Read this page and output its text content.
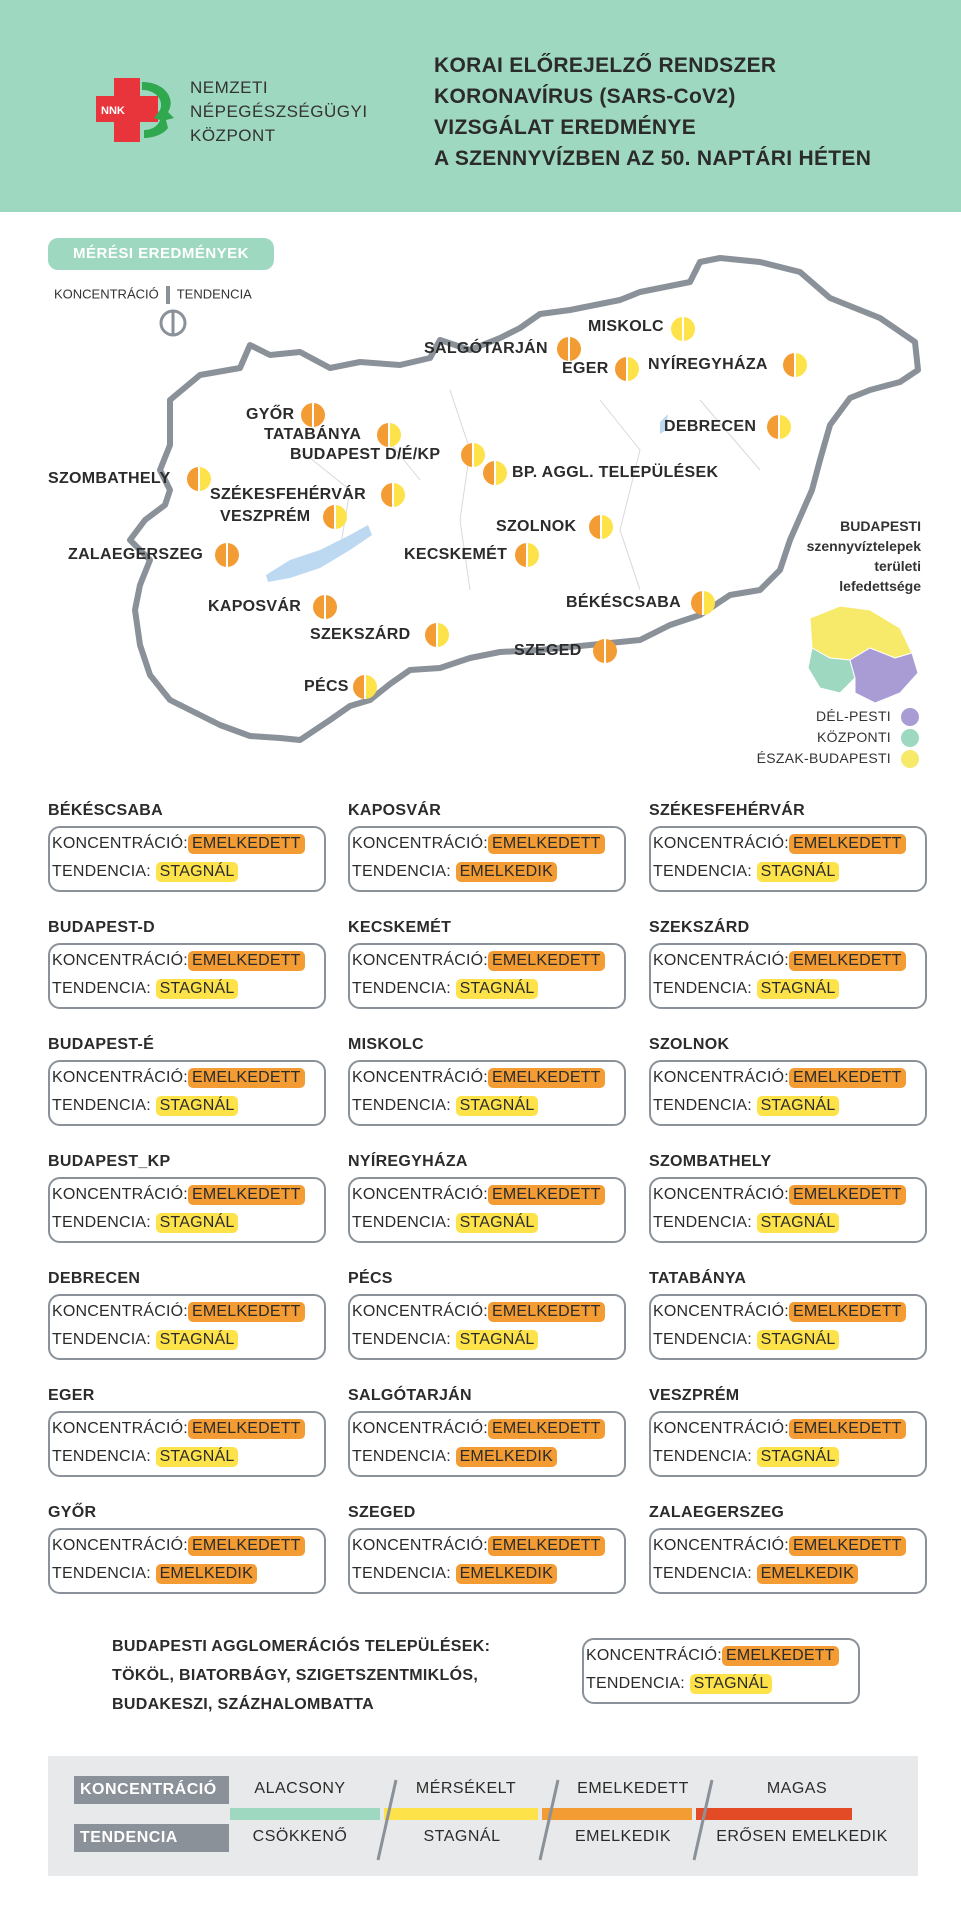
NNK
NEMZETI
NÉPEGÉSZSÉGÜGYI
KÖZPONT
KORAI ELŐREJELZŐ RENDSZER
KORONAVÍRUS (SARS-CoV2)
VIZSGÁLAT EREDMÉNYE
A SZENNYVÍZBEN AZ 50. NAPTÁRI HÉTEN
MÉRÉSI EREDMÉNYEK
KONCENTRÁCIÓ TENDENCIA
MISKOLC
SALGÓTARJÁN
EGER NYÍREGYHÁZA
GYŐR
TATABÁNYA
BUDAPEST D/É/KP
BP. AGGL. TELEPÜLÉSEK
DEBRECEN
SZOMBATHELY
SZÉKESFEHÉRVÁR
VESZPRÉM
SZOLNOK
ZALAEGERSZEG	KECSKEMÉT
BÉKÉSCSABA
KAPOSVÁR
SZEKSZÁRD
SZEGED
PÉCS
BUDAPESTI
szennyvíztelepek
területi
lefedettsége
DÉL-PESTI
KÖZPONTI
ÉSZAK-BUDAPESTI
BÉKÉSCSABA
KONCENTRÁCIÓ: EMELKEDETT
TENDENCIA: STAGNÁL
KAPOSVÁR
KONCENTRÁCIÓ: EMELKEDETT
TENDENCIA: EMELKEDIK
SZÉKESFEHÉRVÁR
KONCENTRÁCIÓ: EMELKEDETT
TENDENCIA: STAGNÁL
BUDAPEST-D
KONCENTRÁCIÓ: EMELKEDETT
TENDENCIA: STAGNÁL
KECSKEMÉT
KONCENTRÁCIÓ: EMELKEDETT
TENDENCIA: STAGNÁL
SZEKSZÁRD
KONCENTRÁCIÓ: EMELKEDETT
TENDENCIA: STAGNÁL
BUDAPEST-É
KONCENTRÁCIÓ: EMELKEDETT
TENDENCIA: STAGNÁL
MISKOLC
KONCENTRÁCIÓ: EMELKEDETT
TENDENCIA: STAGNÁL
SZOLNOK
KONCENTRÁCIÓ: EMELKEDETT
TENDENCIA: STAGNÁL
BUDAPEST_KP
KONCENTRÁCIÓ: EMELKEDETT
TENDENCIA: STAGNÁL
NYÍREGYHÁZA
KONCENTRÁCIÓ: EMELKEDETT
TENDENCIA: STAGNÁL
SZOMBATHELY
KONCENTRÁCIÓ: EMELKEDETT
TENDENCIA: STAGNÁL
DEBRECEN
KONCENTRÁCIÓ: EMELKEDETT
TENDENCIA: STAGNÁL
PÉCS
KONCENTRÁCIÓ: EMELKEDETT
TENDENCIA: STAGNÁL
TATABÁNYA
KONCENTRÁCIÓ: EMELKEDETT
TENDENCIA: STAGNÁL
EGER
KONCENTRÁCIÓ: EMELKEDETT
TENDENCIA: STAGNÁL
SALGÓTARJÁN
KONCENTRÁCIÓ: EMELKEDETT
TENDENCIA: EMELKEDIK
VESZPRÉM
KONCENTRÁCIÓ: EMELKEDETT
TENDENCIA: STAGNÁL
GYŐR
KONCENTRÁCIÓ: EMELKEDETT
TENDENCIA: EMELKEDIK
SZEGED
KONCENTRÁCIÓ: EMELKEDETT
TENDENCIA: EMELKEDIK
ZALAEGERSZEG
KONCENTRÁCIÓ: EMELKEDETT
TENDENCIA: EMELKEDIK
BUDAPESTI AGGLOMERÁCIÓS TELEPÜLÉSEK:
TÖKÖL, BIATORBÁGY, SZIGETSZENTMIKLÓS,
BUDAKESZI, SZÁZHALOMBATTA
KONCENTRÁCIÓ: EMELKEDETT
TENDENCIA: STAGNÁL
KONCENTRÁCIÓ
TENDENCIA
ALACSONY	MÉRSÉKELT	EMELKEDETT	MAGAS
CSÖKKENŐ	STAGNÁL	EMELKEDIK	ERŐSEN EMELKEDIK
